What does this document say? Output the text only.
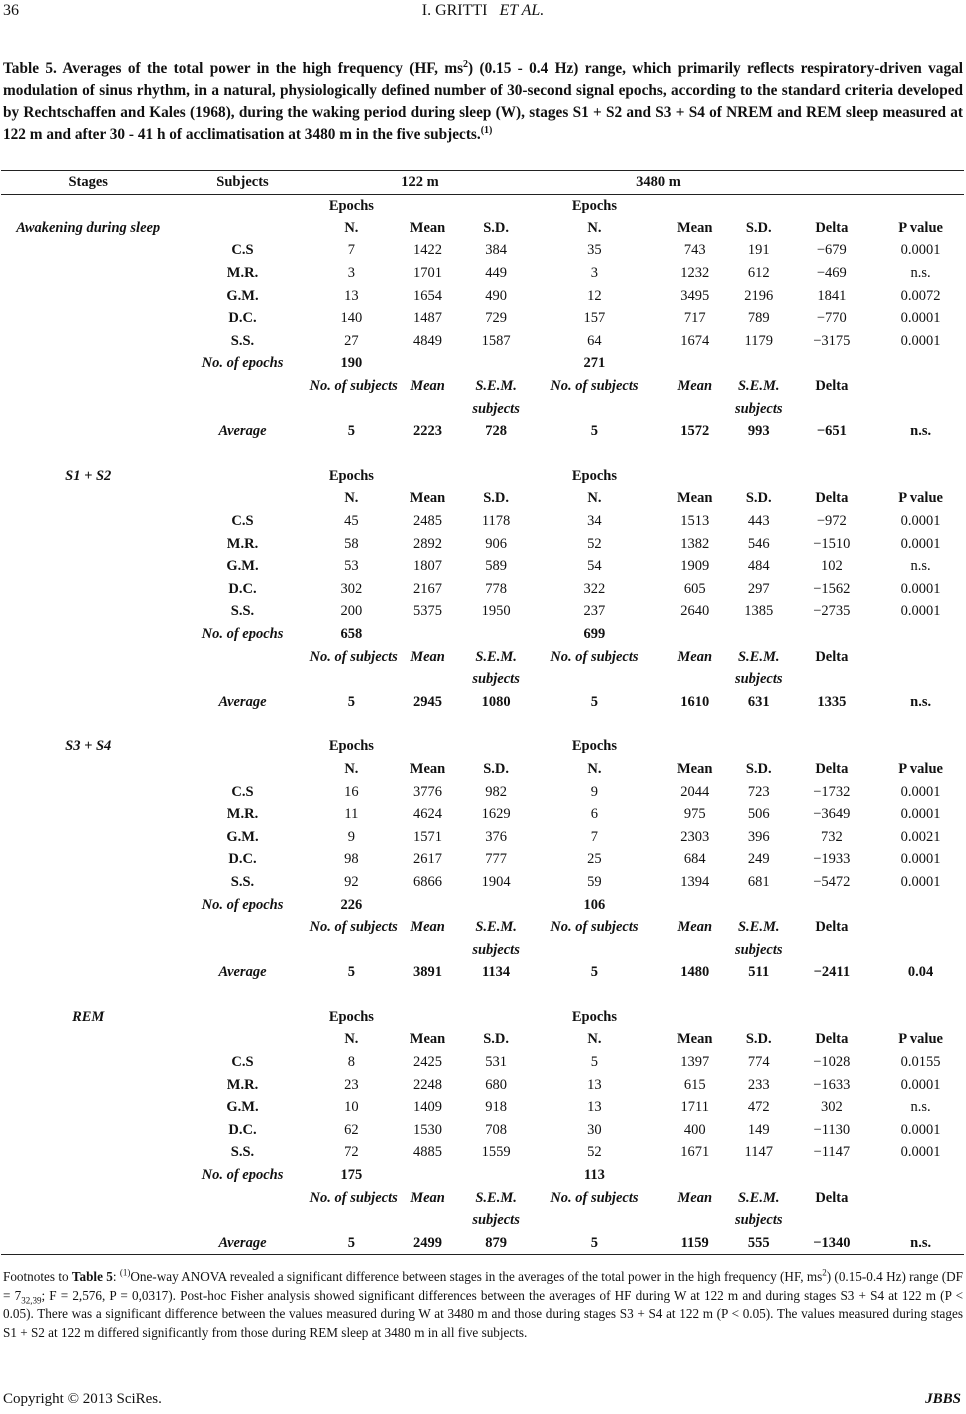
36	I. GRITTI ET AL.
Table 5. Averages of the total power in the high frequency (HF, $ms^2$) (0.15 - 0.4 Hz) range, which primarily reflects respiratory-driven vagal modulation of sinus rhythm, in a natural, physiologically defined number of 30-second signal epochs, according to the standard criteria developed by Rechtschaffen and Kales (1968), during the waking period during sleep (W), stages S1 + S2 and S3 + S4 of NREM and REM sleep measured at 122 m and after 30 - 41 h of acclimatisation at 3480 m in the five subjects.$^{(1)}$
Stages	Subjects	122 m			3480 m				
		Epochs			Epochs				
Awakening during sleep		N.	Mean	S.D.	N.	Mean	S.D.	Delta	P value
	C.S	7	1422	384	35	743	191	−679	0.0001
	M.R.	3	1701	449	3	1232	612	−469	n.s.
	G.M.	13	1654	490	12	3495	2196	1841	0.0072
	D.C.	140	1487	729	157	717	789	−770	0.0001
	S.S.	27	4849	1587	64	1674	1179	−3175	0.0001
	No. of epochs	190			271				
		No. of subjects	Mean	S.E.M.	No. of subjects	Mean	S.E.M.	Delta	
				subjects			subjects		
	Average	5	2223	728	5	1572	993	−651	n.s.

S1 + S2		Epochs			Epochs				
		N.	Mean	S.D.	N.	Mean	S.D.	Delta	P value
	C.S	45	2485	1178	34	1513	443	−972	0.0001
	M.R.	58	2892	906	52	1382	546	−1510	0.0001
	G.M.	53	1807	589	54	1909	484	102	n.s.
	D.C.	302	2167	778	322	605	297	−1562	0.0001
	S.S.	200	5375	1950	237	2640	1385	−2735	0.0001
	No. of epochs	658			699				
		No. of subjects	Mean	S.E.M.	No. of subjects	Mean	S.E.M.	Delta	
				subjects			subjects		
	Average	5	2945	1080	5	1610	631	1335	n.s.

S3 + S4		Epochs			Epochs				
		N.	Mean	S.D.	N.	Mean	S.D.	Delta	P value
	C.S	16	3776	982	9	2044	723	−1732	0.0001
	M.R.	11	4624	1629	6	975	506	−3649	0.0001
	G.M.	9	1571	376	7	2303	396	732	0.0021
	D.C.	98	2617	777	25	684	249	−1933	0.0001
	S.S.	92	6866	1904	59	1394	681	−5472	0.0001
	No. of epochs	226			106				
		No. of subjects	Mean	S.E.M.	No. of subjects	Mean	S.E.M.	Delta	
				subjects			subjects		
	Average	5	3891	1134	5	1480	511	−2411	0.04

REM		Epochs			Epochs				
		N.	Mean	S.D.	N.	Mean	S.D.	Delta	P value
	C.S	8	2425	531	5	1397	774	−1028	0.0155
	M.R.	23	2248	680	13	615	233	−1633	0.0001
	G.M.	10	1409	918	13	1711	472	302	n.s.
	D.C.	62	1530	708	30	400	149	−1130	0.0001
	S.S.	72	4885	1559	52	1671	1147	−1147	0.0001
	No. of epochs	175			113				
		No. of subjects	Mean	S.E.M.	No. of subjects	Mean	S.E.M.	Delta	
				subjects			subjects		
	Average	5	2499	879	5	1159	555	−1340	n.s.
Footnotes to Table 5: $^{(1)}$One-way ANOVA revealed a significant difference between stages in the averages of the total power in the high frequency (HF, $ms^2$) (0.15-0.4 Hz) range ($DF = 7_{32,39}$; F = 2,576, P = 0,0317). Post-hoc Fisher analysis showed significant differences between the averages of HF during W at 122 m and during stages S3 + S4 at 122 m (P < 0.05). There was a significant difference between the values measured during W at 3480 m and those during stages S3 + S4 at 122 m (P < 0.05). The values measured during stages S1 + S2 at 122 m differed significantly from those during REM sleep at 3480 m in all five subjects.
Copyright © 2013 SciRes.	JBBS
